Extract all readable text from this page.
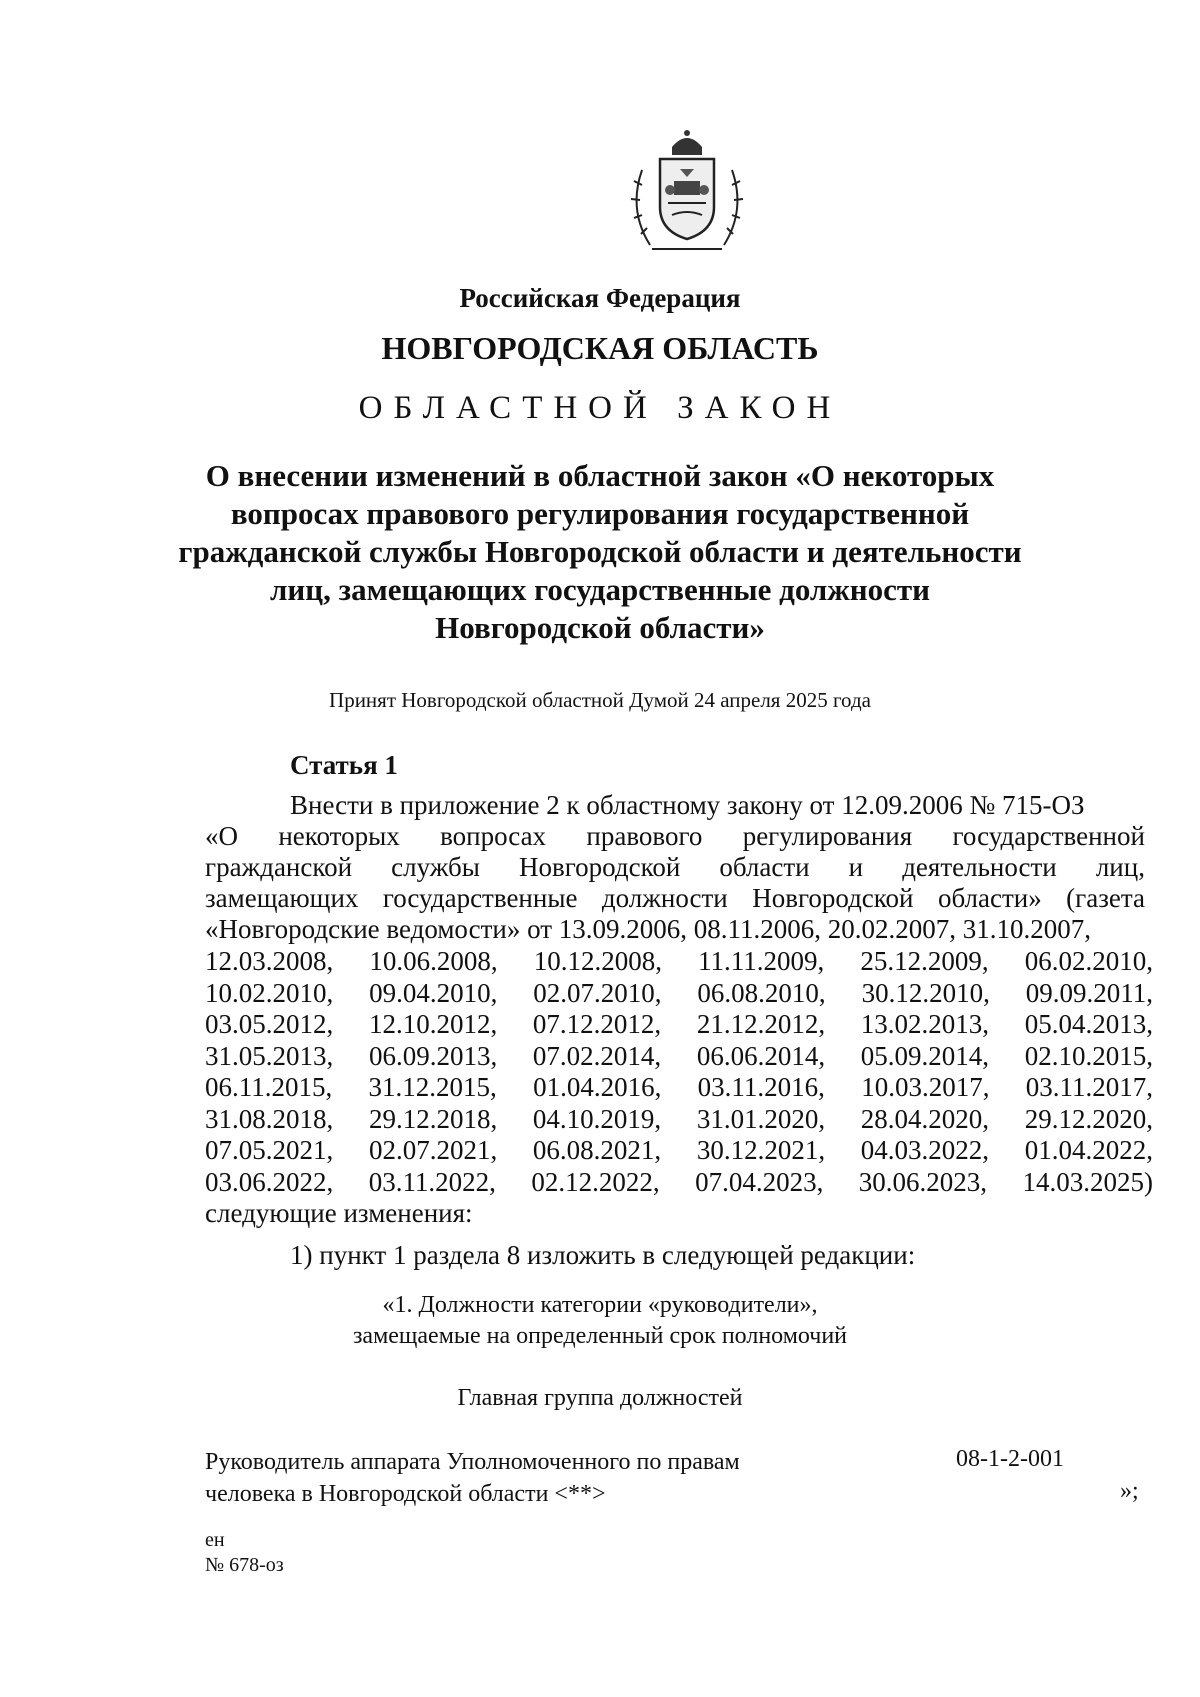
Российская Федерация
НОВГОРОДСКАЯ ОБЛАСТЬ
ОБЛАСТНОЙ ЗАКОН
О внесении изменений в областной закон «О некоторых
вопросах правового регулирования государственной
гражданской службы Новгородской области и деятельности
лиц, замещающих государственные должности
Новгородской области»
Принят Новгородской областной Думой 24 апреля 2025 года
Статья 1
Внести в приложение 2 к областному закону от 12.09.2006 № 715-ОЗ
«О некоторых вопросах правового регулирования государственной
гражданской службы Новгородской области и деятельности лиц,
замещающих государственные должности Новгородской области» (газета
«Новгородские ведомости» от 13.09.2006, 08.11.2006, 20.02.2007, 31.10.2007,
12.03.2008, 10.06.2008, 10.12.2008, 11.11.2009, 25.12.2009, 06.02.2010,
10.02.2010, 09.04.2010, 02.07.2010, 06.08.2010, 30.12.2010, 09.09.2011,
03.05.2012, 12.10.2012, 07.12.2012, 21.12.2012, 13.02.2013, 05.04.2013,
31.05.2013, 06.09.2013, 07.02.2014, 06.06.2014, 05.09.2014, 02.10.2015,
06.11.2015, 31.12.2015, 01.04.2016, 03.11.2016, 10.03.2017, 03.11.2017,
31.08.2018, 29.12.2018, 04.10.2019, 31.01.2020, 28.04.2020, 29.12.2020,
07.05.2021, 02.07.2021, 06.08.2021, 30.12.2021, 04.03.2022, 01.04.2022,
03.06.2022, 03.11.2022, 02.12.2022, 07.04.2023, 30.06.2023, 14.03.2025)
следующие изменения:
1) пункт 1 раздела 8 изложить в следующей редакции:
«1. Должности категории «руководители»,
замещаемые на определенный срок полномочий
Главная группа должностей
Руководитель аппарата Уполномоченного по правам
человека в Новгородской области <**>
08-1-2-001
»;
ен
№ 678-оз
